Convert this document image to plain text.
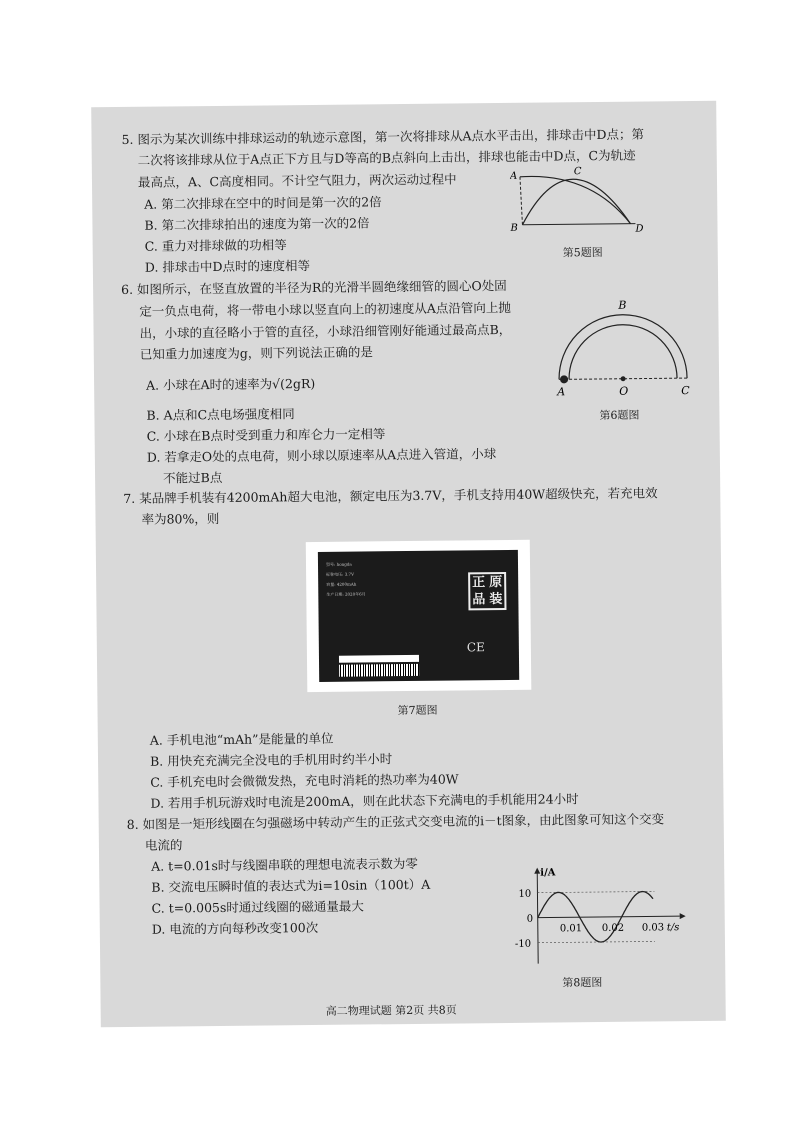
5. 图示为某次训练中排球运动的轨迹示意图，第一次将排球从A点水平击出，排球击中D点；第
二次将该排球从位于A点正下方且与D等高的B点斜向上击出，排球也能击中D点，C为轨迹
最高点，A、C高度相同。不计空气阻力，两次运动过程中
A. 第二次排球在空中的时间是第一次的2倍
B. 第二次排球拍出的速度为第一次的2倍
C. 重力对排球做的功相等
D. 排球击中D点时的速度相等
A
B
C
D
第5题图
6. 如图所示，在竖直放置的半径为R的光滑半圆绝缘细管的圆心O处固
定一负点电荷，将一带电小球以竖直向上的初速度从A点沿管向上抛
出，小球的直径略小于管的直径，小球沿细管刚好能通过最高点B，
已知重力加速度为g，则下列说法正确的是
A. 小球在A时的速率为√(2gR)
B. A点和C点电场强度相同
C. 小球在B点时受到重力和库仑力一定相等
D. 若拿走O处的点电荷，则小球以原速率从A点进入管道，小球
不能过B点
B
A	O	C
第6题图
7. 某品牌手机装有4200mAh超大电池，额定电压为3.7V，手机支持用40W超级快充，若充电效
率为80%，则
型号: hongda
标称电压: 3.7V
容量: 4200mAh
生产日期: 2020年6月
正 原
品 装
CE
第7题图
A. 手机电池“mAh”是能量的单位
B. 用快充充满完全没电的手机用时约半小时
C. 手机充电时会微微发热，充电时消耗的热功率为40W
D. 若用手机玩游戏时电流是200mA，则在此状态下充满电的手机能用24小时
8. 如图是一矩形线圈在匀强磁场中转动产生的正弦式交变电流的i－t图象，由此图象可知这个交变
电流的
A. t=0.01s时与线圈串联的理想电流表示数为零
B. 交流电压瞬时值的表达式为i=10sin（100t）A
C. t=0.005s时通过线圈的磁通量最大
D. 电流的方向每秒改变100次
i/A
t/s
10
0
-10
0.01 0.02 0.03
第8题图
高二物理试题 第2页 共8页
